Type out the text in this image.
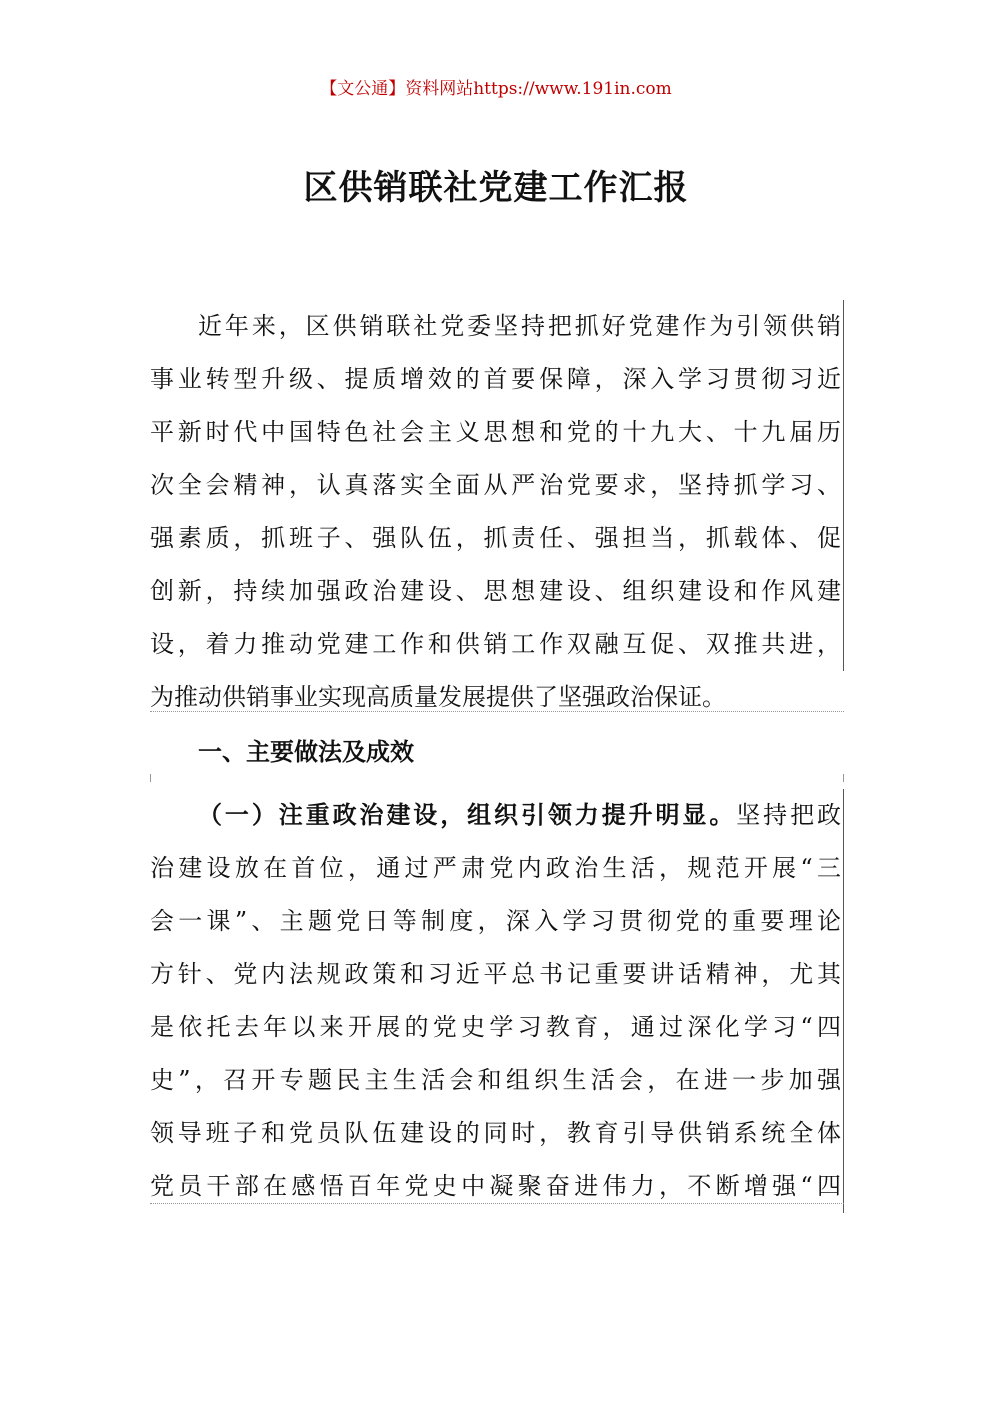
【文公通】资料网站https://www.191in.com
区供销联社党建工作汇报
近年来，区供销联社党委坚持把抓好党建作为引领供销
事业转型升级、提质增效的首要保障，深入学习贯彻习近
平新时代中国特色社会主义思想和党的十九大、十九届历
次全会精神，认真落实全面从严治党要求，坚持抓学习、
强素质，抓班子、强队伍，抓责任、强担当，抓载体、促
创新，持续加强政治建设、思想建设、组织建设和作风建
设，着力推动党建工作和供销工作双融互促、双推共进，
为推动供销事业实现高质量发展提供了坚强政治保证。
一、主要做法及成效
（一）注重政治建设，组织引领力提升明显。坚持把政
治建设放在首位，通过严肃党内政治生活，规范开展“三
会一课”、主题党日等制度，深入学习贯彻党的重要理论
方针、党内法规政策和习近平总书记重要讲话精神，尤其
是依托去年以来开展的党史学习教育，通过深化学习“四
史”，召开专题民主生活会和组织生活会，在进一步加强
领导班子和党员队伍建设的同时，教育引导供销系统全体
党员干部在感悟百年党史中凝聚奋进伟力，不断增强“四
